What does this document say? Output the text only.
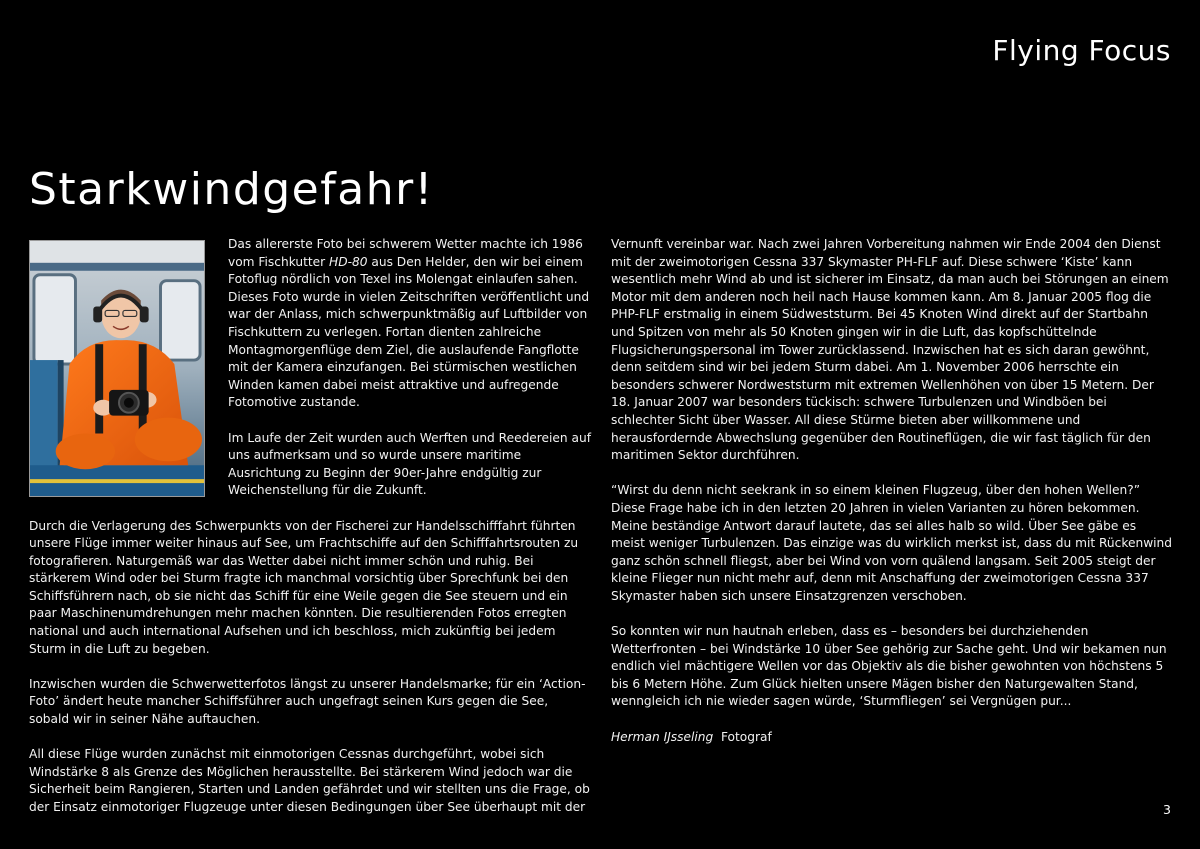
Flying Focus
Starkwindgefahr!

Das allererste Foto bei schwerem Wetter machte ich 1986 vom Fischkutter HD-80 aus Den Helder, den wir bei einem Fotoflug nördlich von Texel ins Molengat einlaufen sahen. Dieses Foto wurde in vielen Zeitschriften veröffentlicht und war der Anlass, mich schwerpunktmäßig auf Luftbilder von Fischkuttern zu verlegen. Fortan dienten zahlreiche Montagmorgenflüge dem Ziel, die auslaufende Fangflotte mit der Kamera einzufangen. Bei stürmischen westlichen Winden kamen dabei meist attraktive und aufregende Fotomotive zustande.

Im Laufe der Zeit wurden auch Werften und Reedereien auf uns aufmerksam und so wurde unsere maritime Ausrichtung zu Beginn der 90er-Jahre endgültig zur Weichenstellung für die Zukunft.

Durch die Verlagerung des Schwerpunkts von der Fischerei zur Handelsschifffahrt führten unsere Flüge immer weiter hinaus auf See, um Frachtschiffe auf den Schifffahrtsrouten zu fotografieren. Naturgemäß war das Wetter dabei nicht immer schön und ruhig. Bei stärkerem Wind oder bei Sturm fragte ich manchmal vorsichtig über Sprechfunk bei den Schiffsführern nach, ob sie nicht das Schiff für eine Weile gegen die See steuern und ein paar Maschinenumdrehungen mehr machen könnten. Die resultierenden Fotos erregten national und auch international Aufsehen und ich beschloss, mich zukünftig bei jedem Sturm in die Luft zu begeben.

Inzwischen wurden die Schwerwetterfotos längst zu unserer Handelsmarke; für ein ‘Action-Foto’ ändert heute mancher Schiffsführer auch ungefragt seinen Kurs gegen die See, sobald wir in seiner Nähe auftauchen.

All diese Flüge wurden zunächst mit einmotorigen Cessnas durchgeführt, wobei sich Windstärke 8 als Grenze des Möglichen herausstellte. Bei stärkerem Wind jedoch war die Sicherheit beim Rangieren, Starten und Landen gefährdet und wir stellten uns die Frage, ob der Einsatz einmotoriger Flugzeuge unter diesen Bedingungen über See überhaupt mit der

Vernunft vereinbar war. Nach zwei Jahren Vorbereitung nahmen wir Ende 2004 den Dienst mit der zweimotorigen Cessna 337 Skymaster PH-FLF auf. Diese schwere ‘Kiste’ kann wesentlich mehr Wind ab und ist sicherer im Einsatz, da man auch bei Störungen an einem Motor mit dem anderen noch heil nach Hause kommen kann. Am 8. Januar 2005 flog die PHP-FLF erstmalig in einem Südweststurm. Bei 45 Knoten Wind direkt auf der Startbahn und Spitzen von mehr als 50 Knoten gingen wir in die Luft, das kopfschüttelnde Flugsicherungspersonal im Tower zurücklassend. Inzwischen hat es sich daran gewöhnt, denn seitdem sind wir bei jedem Sturm dabei. Am 1. November 2006 herrschte ein besonders schwerer Nordweststurm mit extremen Wellenhöhen von über 15 Metern. Der 18. Januar 2007 war besonders tückisch: schwere Turbulenzen und Windböen bei schlechter Sicht über Wasser. All diese Stürme bieten aber willkommene und herausfordernde Abwechslung gegenüber den Routineflügen, die wir fast täglich für den maritimen Sektor durchführen.

“Wirst du denn nicht seekrank in so einem kleinen Flugzeug, über den hohen Wellen?” Diese Frage habe ich in den letzten 20 Jahren in vielen Varianten zu hören bekommen. Meine beständige Antwort darauf lautete, das sei alles halb so wild. Über See gäbe es meist weniger Turbulenzen. Das einzige was du wirklich merkst ist, dass du mit Rückenwind ganz schön schnell fliegst, aber bei Wind von vorn quälend langsam. Seit 2005 steigt der kleine Flieger nun nicht mehr auf, denn mit Anschaffung der zweimotorigen Cessna 337 Skymaster haben sich unsere Einsatzgrenzen verschoben.

So konnten wir nun hautnah erleben, dass es – besonders bei durchziehenden Wetterfronten – bei Windstärke 10 über See gehörig zur Sache geht. Und wir bekamen nun endlich viel mächtigere Wellen vor das Objektiv als die bisher gewohnten von höchstens 5 bis 6 Metern Höhe. Zum Glück hielten unsere Mägen bisher den Naturgewalten Stand, wenngleich ich nie wieder sagen würde, ‘Sturmfliegen’ sei Vergnügen pur...

Herman IJsseling Fotograf

3
